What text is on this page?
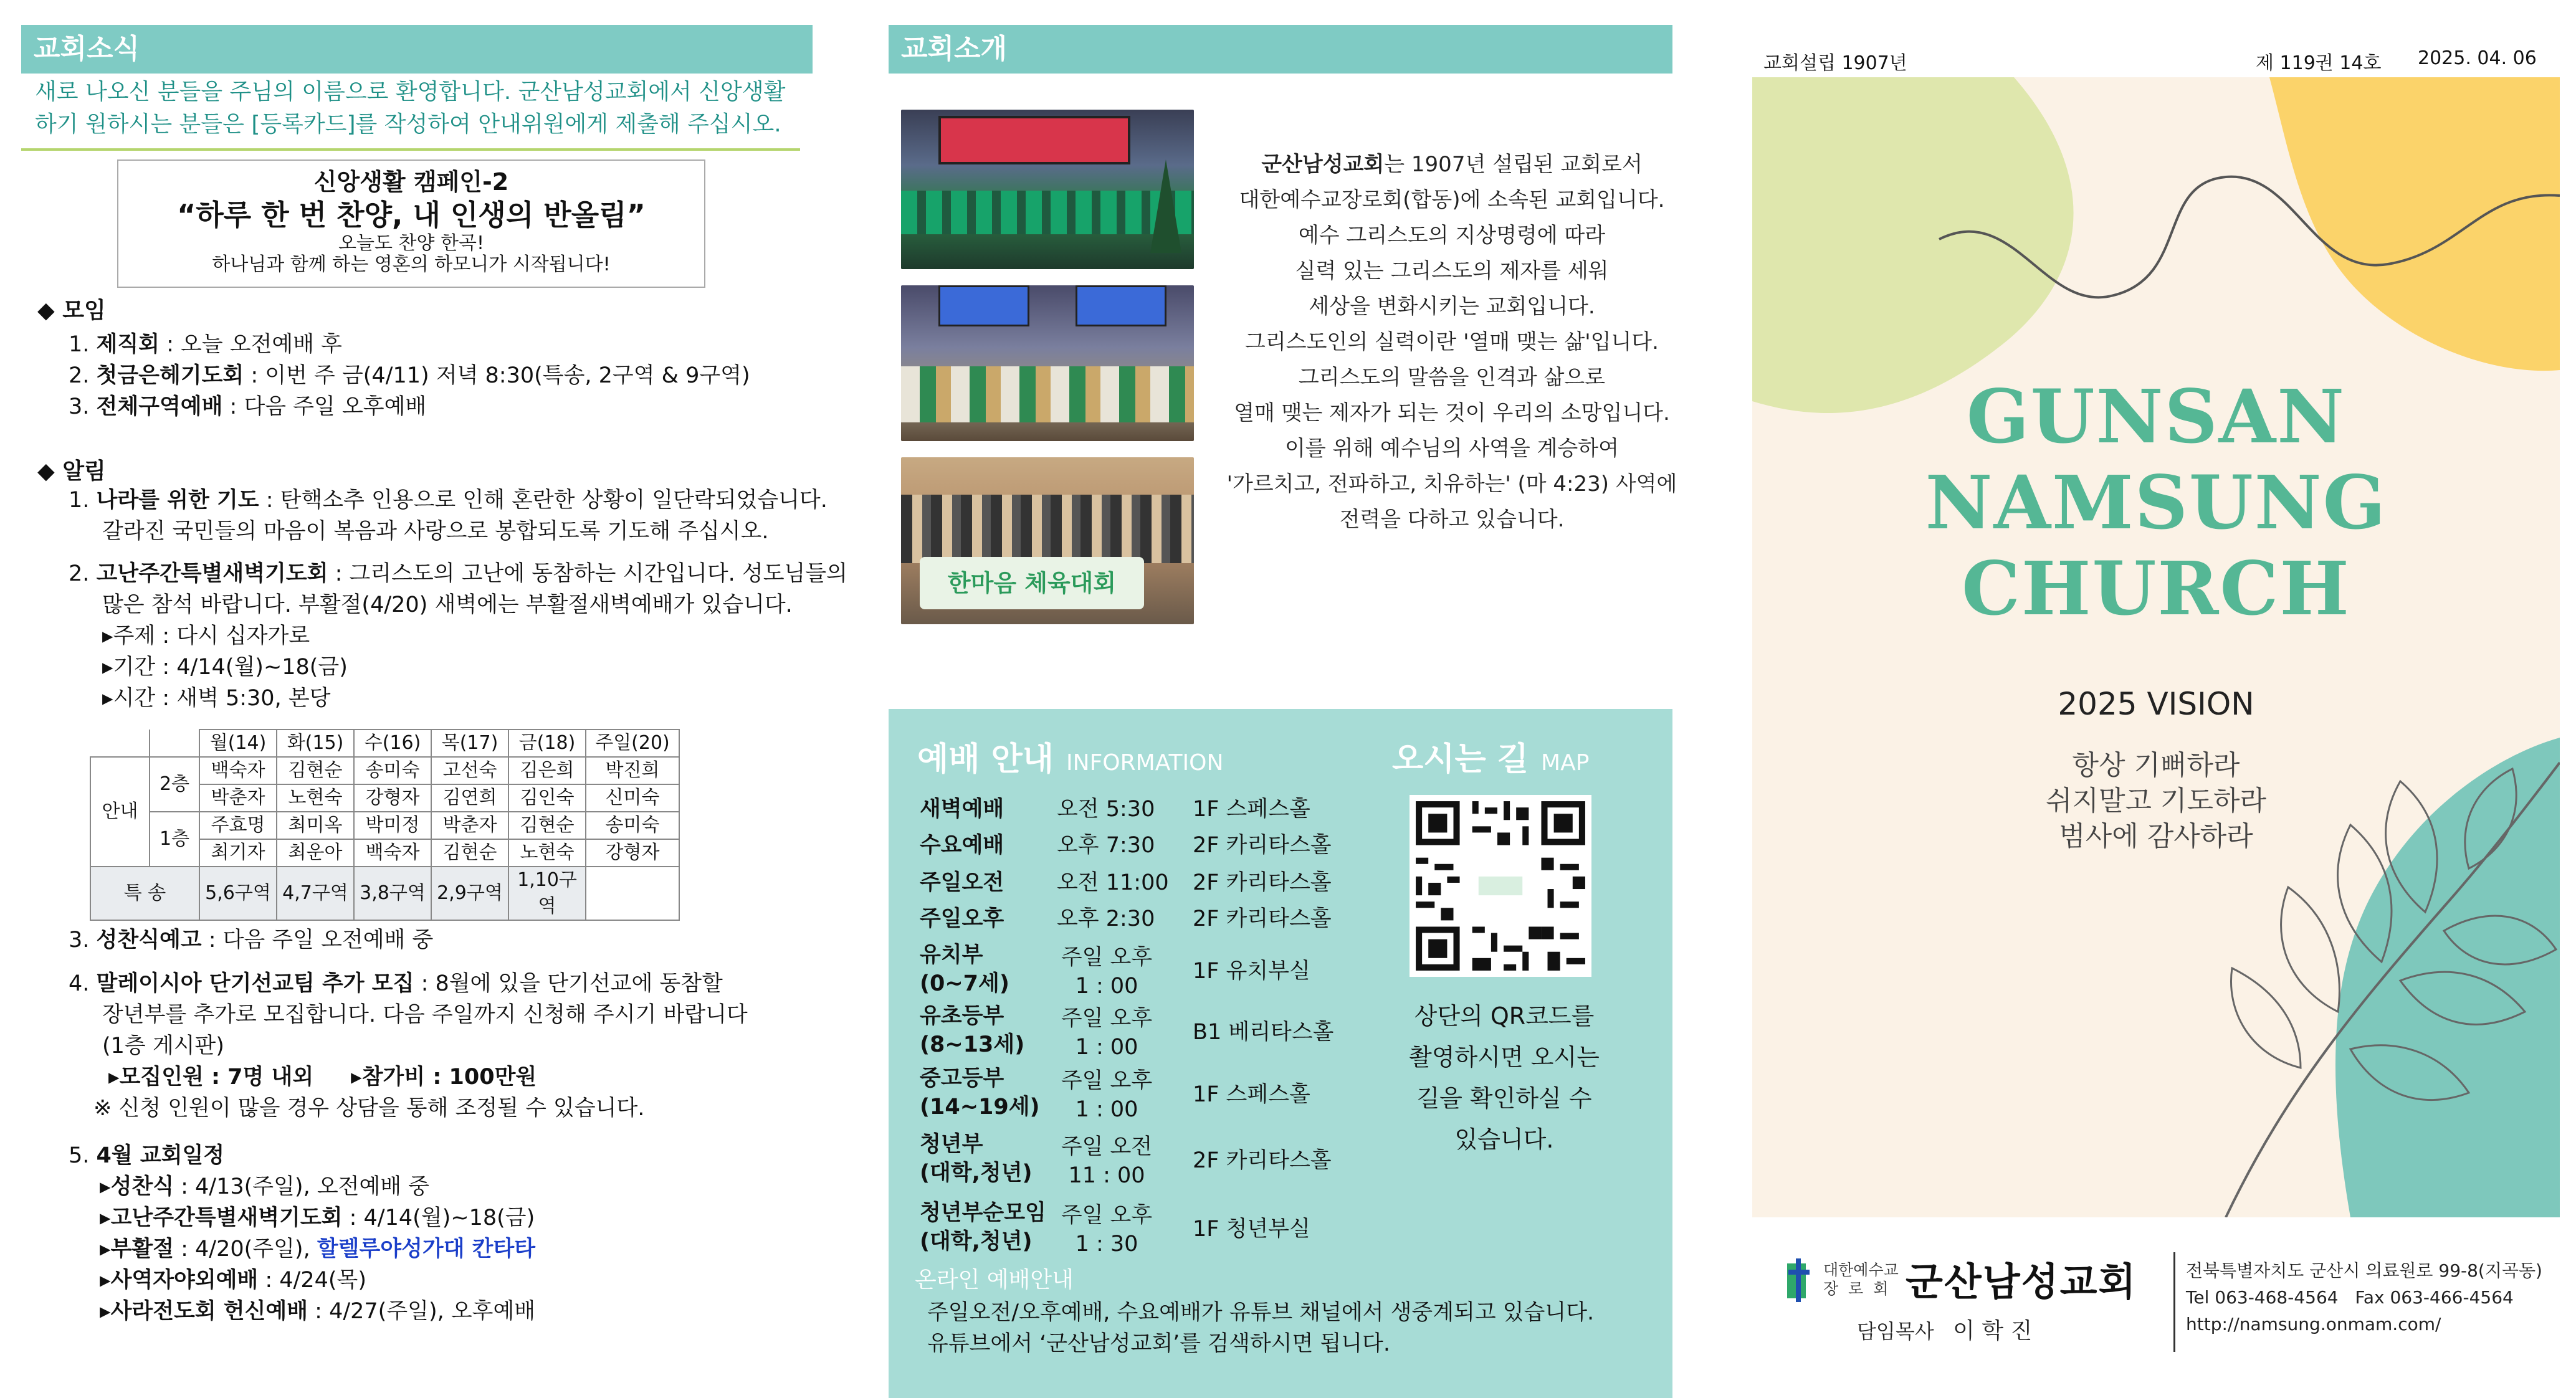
교회소식
새로 나오신 분들을 주님의 이름으로 환영합니다. 군산남성교회에서 신앙생활
하기 원하시는 분들은 [등록카드]를 작성하여 안내위원에게 제출해 주십시오.
신앙생활 캠페인-2
“하루 한 번 찬양, 내 인생의 반올림”
오늘도 찬양 한곡!
하나님과 함께 하는 영혼의 하모니가 시작됩니다!
◆ 모임
1. 제직회 : 오늘 오전예배 후
2. 첫금은헤기도회 : 이번 주 금(4/11) 저녁 8:30(특송, 2구역 & 9구역)
3. 전체구역예배 : 다음 주일 오후예배
◆ 알림
1. 나라를 위한 기도 : 탄핵소추 인용으로 인해 혼란한 상황이 일단락되었습니다.
갈라진 국민들의 마음이 복음과 사랑으로 봉합되도록 기도해 주십시오.
2. 고난주간특별새벽기도회 : 그리스도의 고난에 동참하는 시간입니다. 성도님들의
많은 참석 바랍니다. 부활절(4/20) 새벽에는 부활절새벽예배가 있습니다.
▸주제 : 다시 십자가로
▸기간 : 4/14(월)~18(금)
▸시간 : 새벽 5:30, 본당
		월(14)	화(15)	수(16)	목(17)	금(18)	주일(20)
안내	2층	백숙자	김현순	송미숙	고선숙	김은희	박진희
		박춘자	노현숙	강형자	김연희	김인숙	신미숙
	1층	주효명	최미옥	박미정	박춘자	김현순	송미숙
		최기자	최운아	백숙자	김현순	노현숙	강형자
특 송		5,6구역	4,7구역	3,8구역	2,9구역	1,10구역	
3. 성찬식예고 : 다음 주일 오전예배 중
4. 말레이시아 단기선교팀 추가 모집 : 8월에 있을 단기선교에 동참할
장년부를 추가로 모집합니다. 다음 주일까지 신청해 주시기 바랍니다
(1층 게시판)
▸모집인원 : 7명 내외 ▸참가비 : 100만원
※ 신청 인원이 많을 경우 상담을 통해 조정될 수 있습니다.
5. 4월 교회일정
▸성찬식 : 4/13(주일), 오전예배 중
▸고난주간특별새벽기도회 : 4/14(월)~18(금)
▸부활절 : 4/20(주일), 할렐루야성가대 칸타타
▸사역자야외예배 : 4/24(목)
▸사라전도회 헌신예배 : 4/27(주일), 오후예배
교회소개
한마음 체육대회
군산남성교회는 1907년 설립된 교회로서
대한예수교장로회(합동)에 소속된 교회입니다.
예수 그리스도의 지상명령에 따라
실력 있는 그리스도의 제자를 세워
세상을 변화시키는 교회입니다.
그리스도인의 실력이란 '열매 맺는 삶'입니다.
그리스도의 말씀을 인격과 삶으로
열매 맺는 제자가 되는 것이 우리의 소망입니다.
이를 위해 예수님의 사역을 계승하여
'가르치고, 전파하고, 치유하는' (마 4:23) 사역에
전력을 다하고 있습니다.
예배 안내 INFORMATION	오시는 길 MAP
새벽예배 오전 5:30 1F 스페스홀
수요예배 오후 7:30 2F 카리타스홀
주일오전 오전 11:00 2F 카리타스홀
주일오후 오후 2:30 2F 카리타스홀
유치부
(0~7세)
주일 오후
1 : 00
1F 유치부실
유초등부
(8~13세)
주일 오후
1 : 00
B1 베리타스홀
중고등부
(14~19세)
주일 오후
1 : 00
1F 스페스홀
청년부
(대학,청년)
주일 오전
11 : 00
2F 카리타스홀
청년부순모임
(대학,청년)
주일 오후
1 : 30
1F 청년부실
상단의 QR코드를
촬영하시면 오시는
길을 확인하실 수
있습니다.
온라인 예배안내
주일오전/오후예배, 수요예배가 유튜브 채널에서 생중계되고 있습니다.
유튜브에서 ‘군산남성교회’를 검색하시면 됩니다.
교회설립 1907년	제 119권 14호 2025. 04. 06
GUNSAN
NAMSUNG
CHURCH
2025 VISION
항상 기뻐하라
쉬지말고 기도하라
범사에 감사하라
대한예수교
장 로 회 군산남성교회
담임목사 이 학 진
전북특별자치도 군산시 의료원로 99-8(지곡동)
Tel 063-468-4564 Fax 063-466-4564
http://namsung.onmam.com/
